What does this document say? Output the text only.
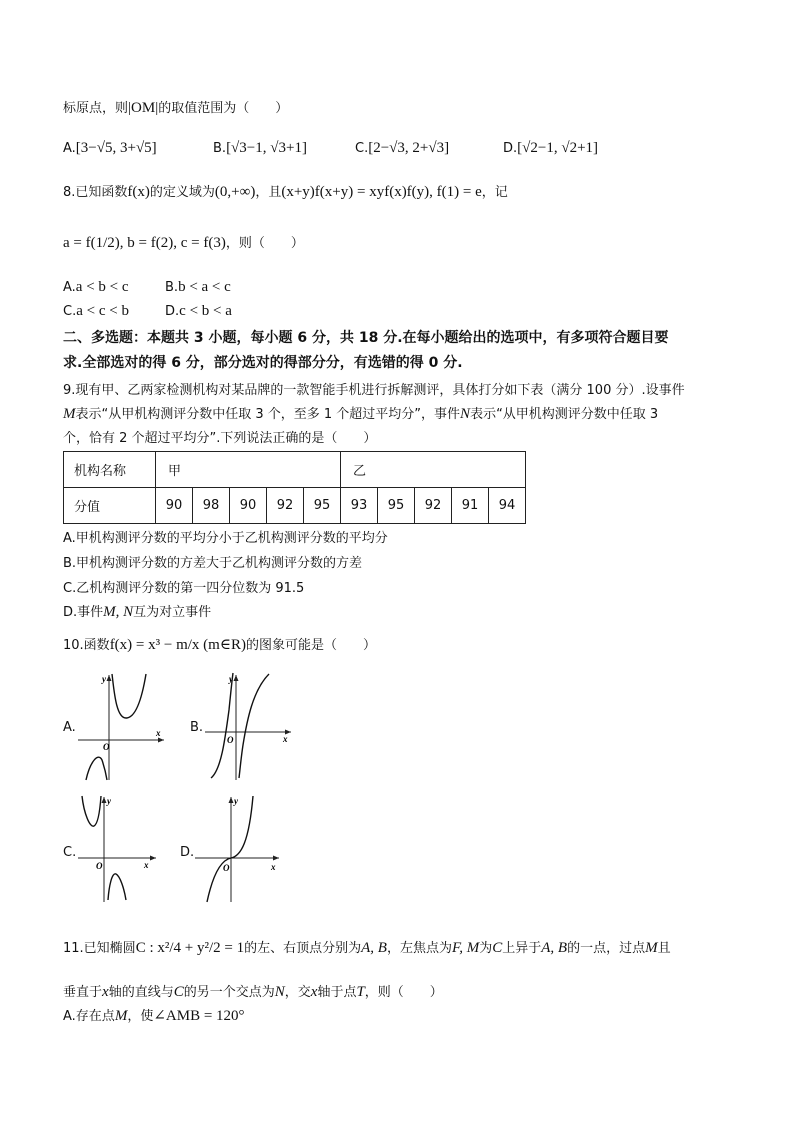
标原点，则|OM|的取值范围为（　　）
A.[3−√5, 3+√5]	B.[√3−1, √3+1]	C.[2−√3, 2+√3]	D.[√2−1, √2+1]
8.已知函数f(x)的定义域为(0,+∞)，且(x+y)f(x+y) = xyf(x)f(y), f(1) = e，记
a = f(1/2), b = f(2), c = f(3)，则（　　）
A.a < b < c	B.b < a < c
C.a < c < b	D.c < b < a
二、多选题：本题共 3 小题，每小题 6 分，共 18 分.在每小题给出的选项中，有多项符合题目要
求.全部选对的得 6 分，部分选对的得部分分，有选错的得 0 分.
9.现有甲、乙两家检测机构对某品牌的一款智能手机进行拆解测评，具体打分如下表（满分 100 分）.设事件
M表示“从甲机构测评分数中任取 3 个，至多 1 个超过平均分”，事件N表示“从甲机构测评分数中任取 3
个，恰有 2 个超过平均分”.下列说法正确的是（　　）
机构名称	甲					乙				
分值	90	98	90	92	95	93	95	92	91	94
A.甲机构测评分数的平均分小于乙机构测评分数的平均分
B.甲机构测评分数的方差大于乙机构测评分数的方差
C.乙机构测评分数的第一四分位数为 91.5
D.事件M, N互为对立事件
10.函数f(x) = x³ − m/x (m∈R)的图象可能是（　　）
A.
y
x
O
B.
y
x
O
C.
y
x
O
D.
y
x
O
11.已知椭圆C : x²/4 + y²/2 = 1的左、右顶点分别为A, B，左焦点为F, M为C上异于A, B的一点，过点M且
垂直于x轴的直线与C的另一个交点为N，交x轴于点T，则（　　）
A.存在点M，使∠AMB = 120°
